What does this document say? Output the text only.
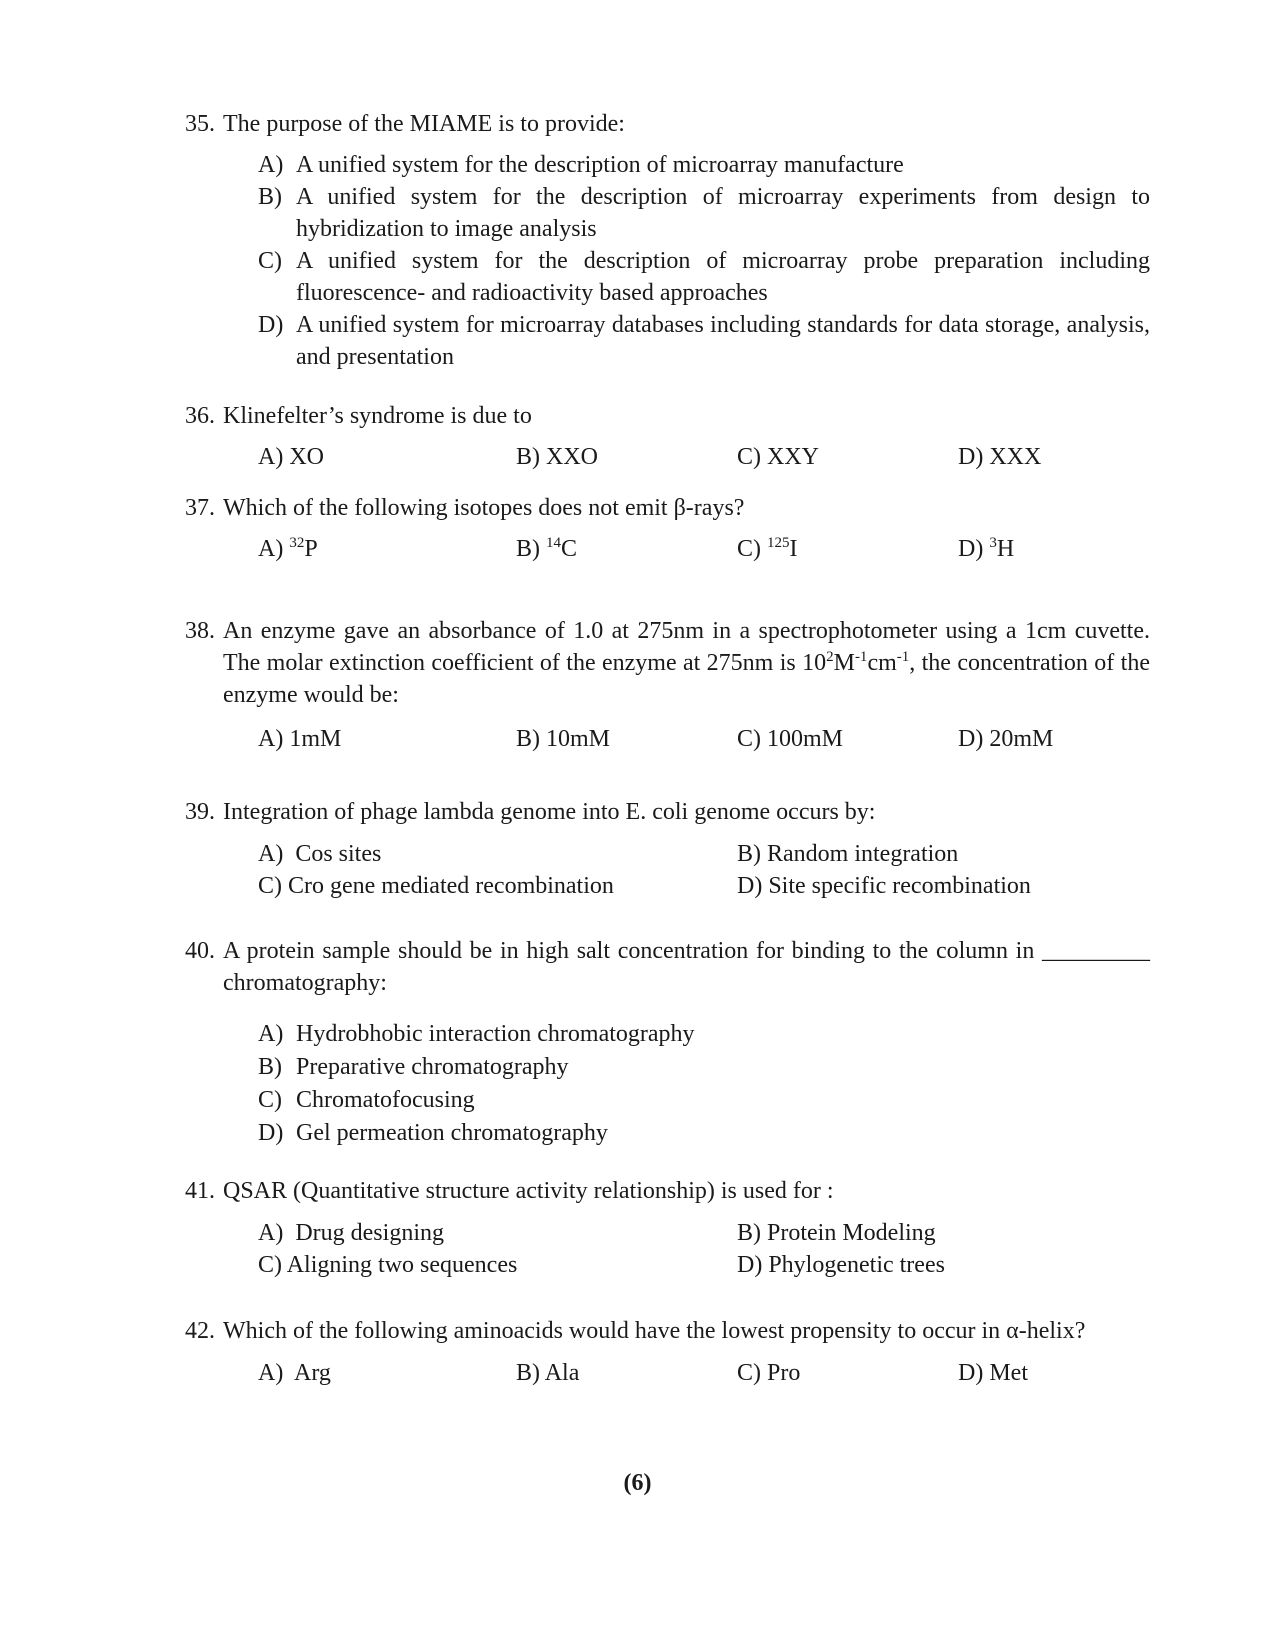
35. The purpose of the MIAME is to provide:
A) A unified system for the description of microarray manufacture
B) A unified system for the description of microarray experiments from design to hybridization to image analysis
C) A unified system for the description of microarray probe preparation including fluorescence- and radioactivity based approaches
D) A unified system for microarray databases including standards for data storage, analysis, and presentation
36. Klinefelter’s syndrome is due to
A) XO	B) XXO	C) XXY	D) XXX
37. Which of the following isotopes does not emit β-rays?
A) $^{32}$P	B) $^{14}$C	C) $^{125}$I	D) $^3$H
38. An enzyme gave an absorbance of 1.0 at 275nm in a spectrophotometer using a 1cm cuvette. The molar extinction coefficient of the enzyme at 275nm is $10^2M^{-1}cm^{-1}$, the concentration of the enzyme would be:
A) 1mM	B) 10mM	C) 100mM	D) 20mM
39. Integration of phage lambda genome into E. coli genome occurs by:
A) Cos sites	B) Random integration
C) Cro gene mediated recombination	D) Site specific recombination
40. A protein sample should be in high salt concentration for binding to the column in _________ chromatography:
A) Hydrobhobic interaction chromatography
B) Preparative chromatography
C) Chromatofocusing
D) Gel permeation chromatography
41. QSAR (Quantitative structure activity relationship) is used for :
A) Drug designing	B) Protein Modeling
C) Aligning two sequences	D) Phylogenetic trees
42. Which of the following aminoacids would have the lowest propensity to occur in α-helix?
A) Arg	B) Ala	C) Pro	D) Met
(6)
